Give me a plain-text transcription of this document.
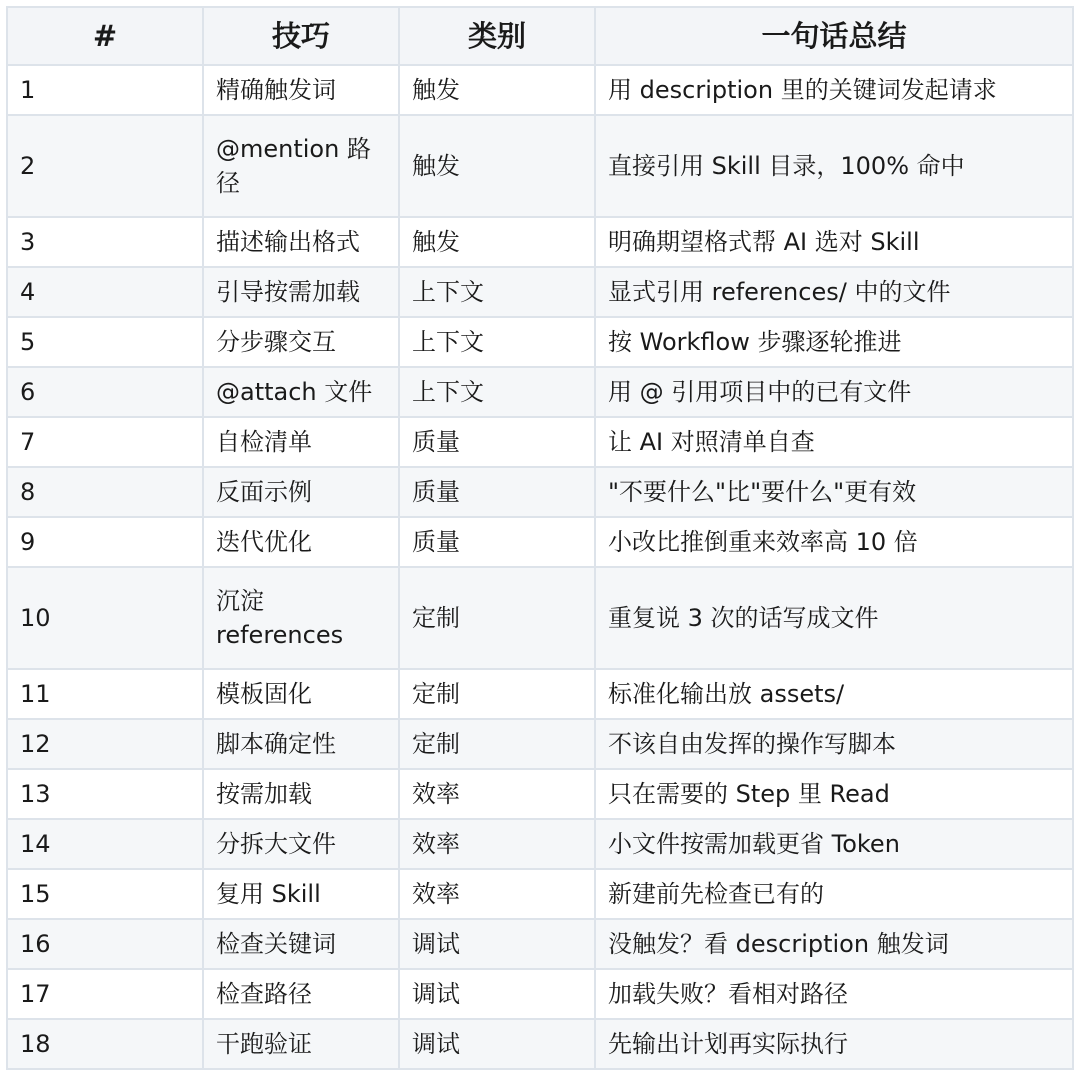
#	技巧	类别	一句话总结
1	精确触发词	触发	用 description 里的关键词发起请求
2	@mention 路径	触发	直接引用 Skill 目录，100% 命中
3	描述输出格式	触发	明确期望格式帮 AI 选对 Skill
4	引导按需加载	上下文	显式引用 references/ 中的文件
5	分步骤交互	上下文	按 Workflow 步骤逐轮推进
6	@attach 文件	上下文	用 @ 引用项目中的已有文件
7	自检清单	质量	让 AI 对照清单自查
8	反面示例	质量	"不要什么"比"要什么"更有效
9	迭代优化	质量	小改比推倒重来效率高 10 倍
10	沉淀 references	定制	重复说 3 次的话写成文件
11	模板固化	定制	标准化输出放 assets/
12	脚本确定性	定制	不该自由发挥的操作写脚本
13	按需加载	效率	只在需要的 Step 里 Read
14	分拆大文件	效率	小文件按需加载更省 Token
15	复用 Skill	效率	新建前先检查已有的
16	检查关键词	调试	没触发？看 description 触发词
17	检查路径	调试	加载失败？看相对路径
18	干跑验证	调试	先输出计划再实际执行
